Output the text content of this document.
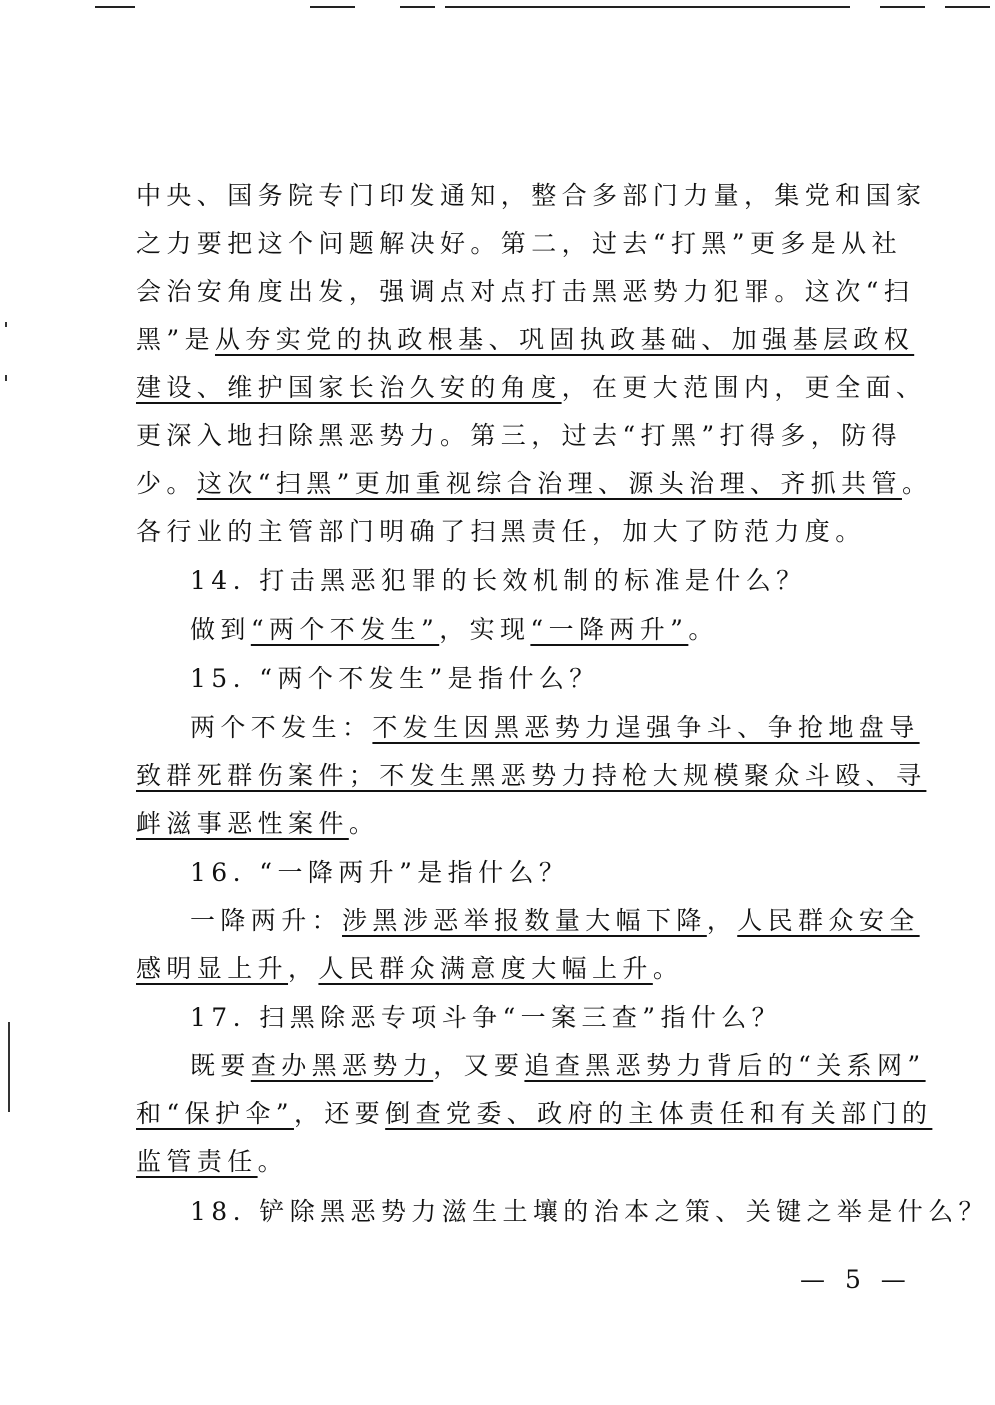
中央、国务院专门印发通知，整合多部门力量，集党和国家
之力要把这个问题解决好。第二，过去“打黑”更多是从社
会治安角度出发，强调点对点打击黑恶势力犯罪。这次“扫
黑”是从夯实党的执政根基、巩固执政基础、加强基层政权
建设、维护国家长治久安的角度，在更大范围内，更全面、
更深入地扫除黑恶势力。第三，过去“打黑”打得多，防得
少。这次“扫黑”更加重视综合治理、源头治理、齐抓共管。
各行业的主管部门明确了扫黑责任，加大了防范力度。
14. 打击黑恶犯罪的长效机制的标准是什么？
做到“两个不发生”，实现“一降两升”。
15. “两个不发生”是指什么？
两个不发生：不发生因黑恶势力逞强争斗、争抢地盘导
致群死群伤案件；不发生黑恶势力持枪大规模聚众斗殴、寻
衅滋事恶性案件。
16. “一降两升”是指什么？
一降两升：涉黑涉恶举报数量大幅下降，人民群众安全
感明显上升，人民群众满意度大幅上升。
17. 扫黑除恶专项斗争“一案三查”指什么？
既要查办黑恶势力，又要追查黑恶势力背后的“关系网”
和“保护伞”，还要倒查党委、政府的主体责任和有关部门的
监管责任。
18. 铲除黑恶势力滋生土壤的治本之策、关键之举是什么？
— 5 —
